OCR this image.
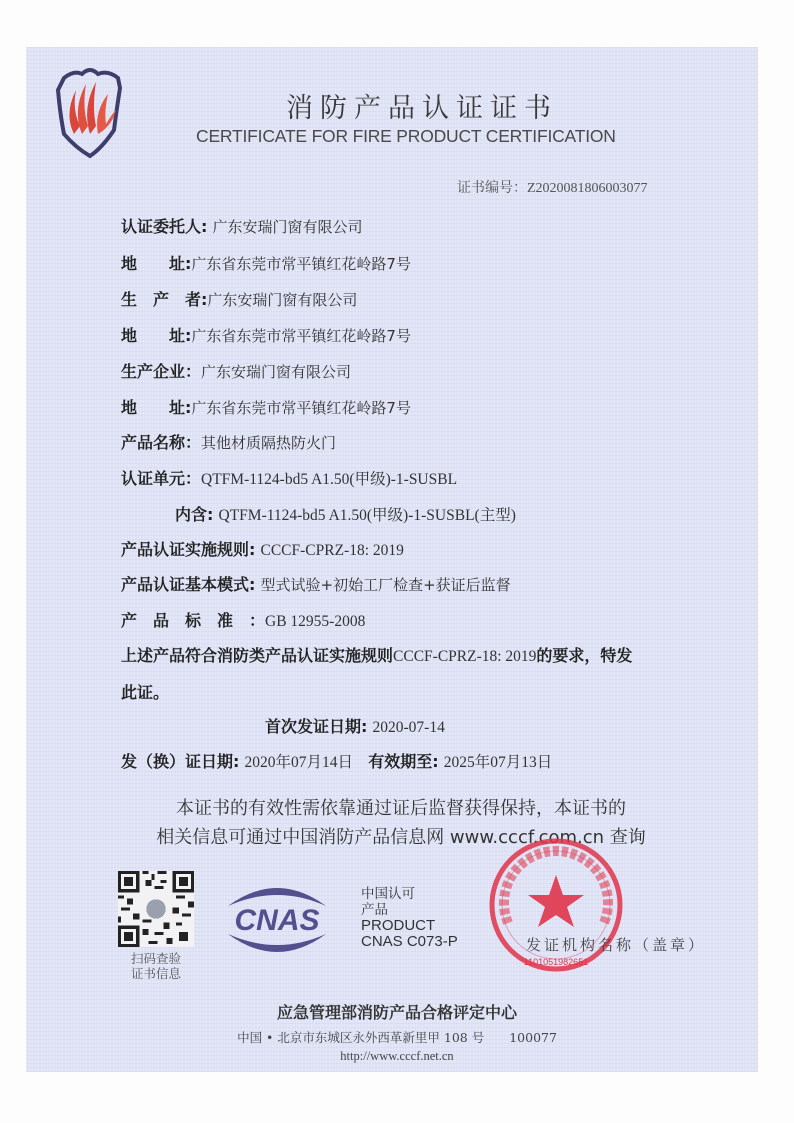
消防产品认证证书
CERTIFICATE FOR FIRE PRODUCT CERTIFICATION
证书编号：Z2020081806003077
认证委托人: 广东安瑞门窗有限公司
地　　址:广东省东莞市常平镇红花岭路7号
生　产　者:广东安瑞门窗有限公司
地　　址:广东省东莞市常平镇红花岭路7号
生产企业：广东安瑞门窗有限公司
地　　址:广东省东莞市常平镇红花岭路7号
产品名称：其他材质隔热防火门
认证单元：QTFM-1124-bd5 A1.50(甲级)-1-SUSBL
内含: QTFM-1124-bd5 A1.50(甲级)-1-SUSBL(主型)
产品认证实施规则: CCCF-CPRZ-18: 2019
产品认证基本模式: 型式试验+初始工厂检查+获证后监督
产　品　标　准　：GB 12955-2008
上述产品符合消防类产品认证实施规则CCCF-CPRZ-18: 2019的要求，特发
此证。
首次发证日期: 2020-07-14
发（换）证日期: 2020年07月14日 有效期至: 2025年07月13日
本证书的有效性需依靠通过证后监督获得保持，本证书的
相关信息可通过中国消防产品信息网 www.cccf.com.cn 查询
扫码查验
证书信息
CNAS
中国认可
产品
PRODUCT
CNAS C073-P
1101051982651
发证机构名称（盖章）
应急管理部消防产品合格评定中心
中国 • 北京市东城区永外西革新里甲 108 号　　100077
http://www.cccf.net.cn
